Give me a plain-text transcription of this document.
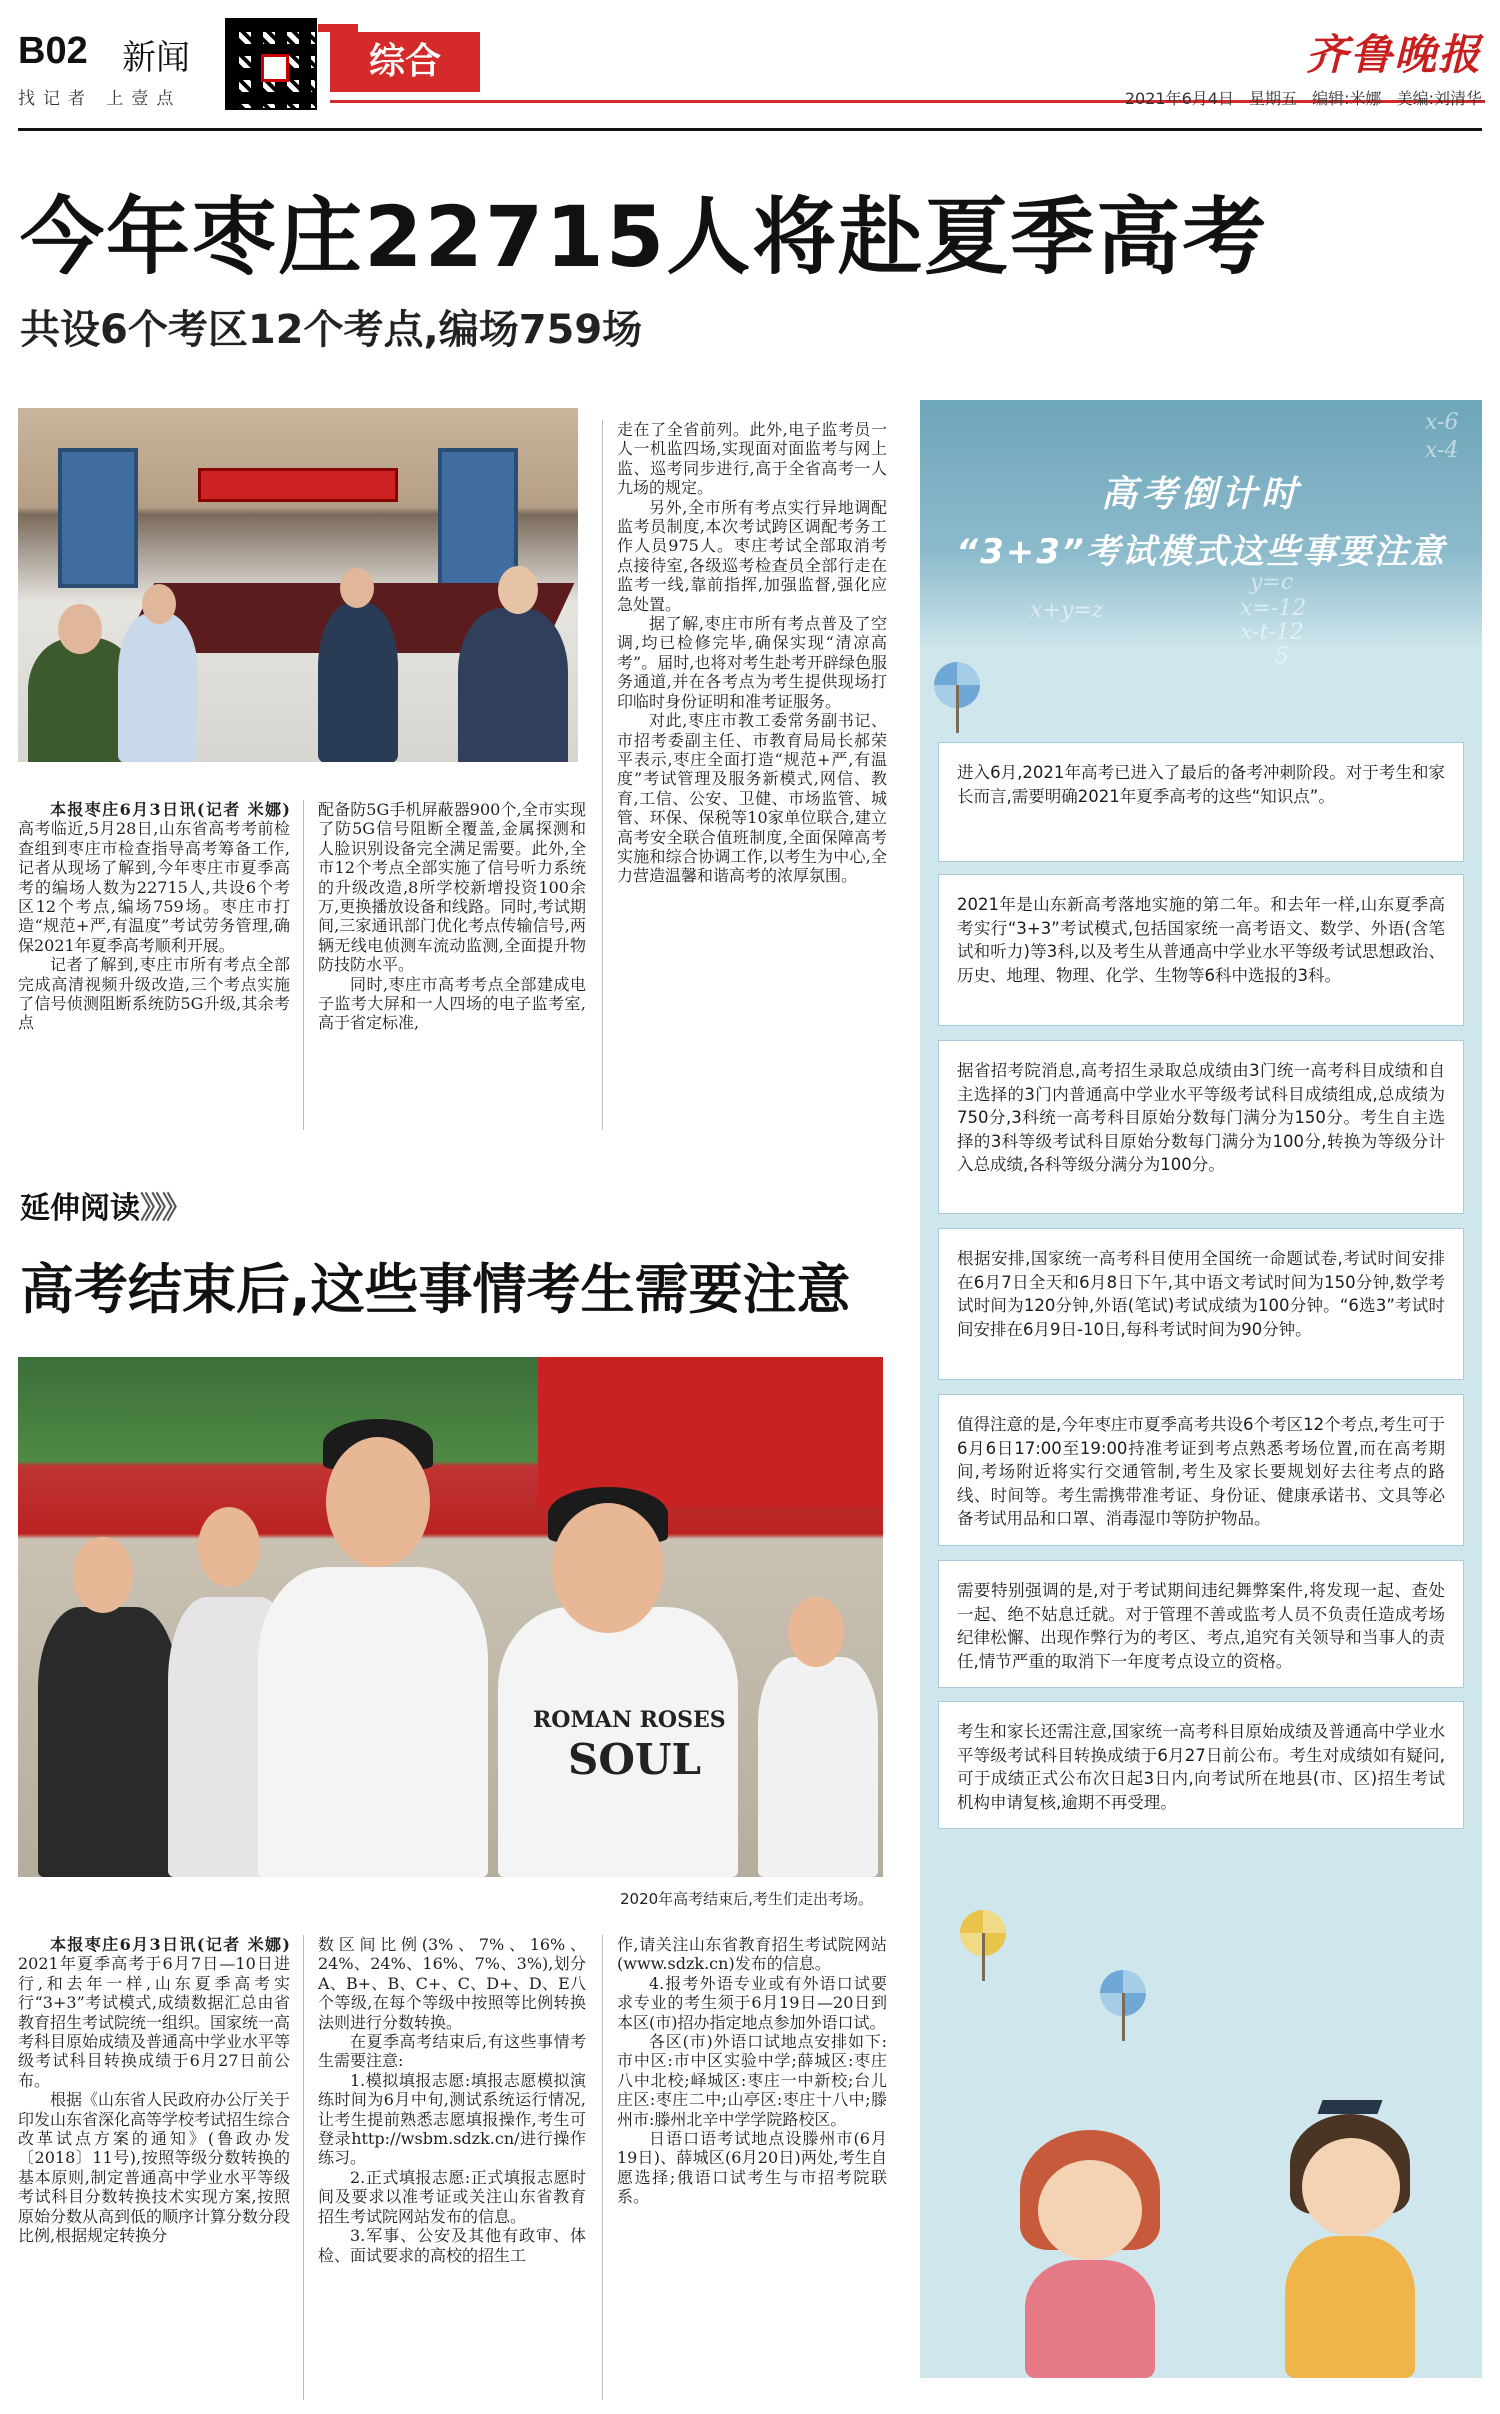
B02 新闻
找记者 上壹点
综合	齐鲁晚报
2021年6月4日 星期五 编辑:米娜 美编:刘清华
今年枣庄22715人将赴夏季高考
共设6个考区12个考点,编场759场

本报枣庄6月3日讯(记者 米娜) 高考临近,5月28日,山东省高考考前检查组到枣庄市检查指导高考筹备工作,记者从现场了解到,今年枣庄市夏季高考的编场人数为22715人,共设6个考区12个考点,编场759场。枣庄市打造“规范+严,有温度”考试劳务管理,确保2021年夏季高考顺利开展。

记者了解到,枣庄市所有考点全部完成高清视频升级改造,三个考点实施了信号侦测阻断系统防5G升级,其余考点

配备防5G手机屏蔽器900个,全市实现了防5G信号阻断全覆盖,金属探测和人脸识别设备完全满足需要。此外,全市12个考点全部实施了信号听力系统的升级改造,8所学校新增投资100余万,更换播放设备和线路。同时,考试期间,三家通讯部门优化考点传输信号,两辆无线电侦测车流动监测,全面提升物防技防水平。

同时,枣庄市高考考点全部建成电子监考大屏和一人四场的电子监考室,高于省定标准,

走在了全省前列。此外,电子监考员一人一机监四场,实现面对面监考与网上监、巡考同步进行,高于全省高考一人九场的规定。

另外,全市所有考点实行异地调配监考员制度,本次考试跨区调配考务工作人员975人。枣庄考试全部取消考点接待室,各级巡考检查员全部行走在监考一线,靠前指挥,加强监督,强化应急处置。

据了解,枣庄市所有考点普及了空调,均已检修完毕,确保实现“清凉高考”。届时,也将对考生赴考开辟绿色服务通道,并在各考点为考生提供现场打印临时身份证明和准考证服务。

对此,枣庄市教工委常务副书记、市招考委副主任、市教育局局长郝荣平表示,枣庄全面打造“规范+严,有温度”考试管理及服务新模式,网信、教育,工信、公安、卫健、市场监管、城管、环保、保税等10家单位联合,建立高考安全联合值班制度,全面保障高考实施和综合协调工作,以考生为中心,全力营造温馨和谐高考的浓厚氛围。

延伸阅读》》》
高考结束后,这些事情考生需要注意
ROMAN ROSES
SOUL
2020年高考结束后,考生们走出考场。

本报枣庄6月3日讯(记者 米娜) 2021年夏季高考于6月7日—10日进行,和去年一样,山东夏季高考实行“3+3”考试模式,成绩数据汇总由省教育招生考试院统一组织。国家统一高考科目原始成绩及普通高中学业水平等级考试科目转换成绩于6月27日前公布。

根据《山东省人民政府办公厅关于印发山东省深化高等学校考试招生综合改革试点方案的通知》(鲁政办发〔2018〕11号),按照等级分数转换的基本原则,制定普通高中学业水平等级考试科目分数转换技术实现方案,按照原始分数从高到低的顺序计算分数分段比例,根据规定转换分

数区间比例(3%、7%、16%、24%、24%、16%、7%、3%),划分A、B+、B、C+、C、D+、D、E八个等级,在每个等级中按照等比例转换法则进行分数转换。

在夏季高考结束后,有这些事情考生需要注意:

1.模拟填报志愿:填报志愿模拟演练时间为6月中旬,测试系统运行情况,让考生提前熟悉志愿填报操作,考生可登录http://wsbm.sdzk.cn/进行操作练习。

2.正式填报志愿:正式填报志愿时间及要求以准考证或关注山东省教育招生考试院网站发布的信息。

3.军事、公安及其他有政审、体检、面试要求的高校的招生工

作,请关注山东省教育招生考试院网站(www.sdzk.cn)发布的信息。

4.报考外语专业或有外语口试要求专业的考生须于6月19日—20日到本区(市)招办指定地点参加外语口试。

各区(市)外语口试地点安排如下:市中区:市中区实验中学;薛城区:枣庄八中北校;峄城区:枣庄一中新校;台儿庄区:枣庄二中;山亭区:枣庄十八中;滕州市:滕州北辛中学学院路校区。

日语口语考试地点设滕州市(6月19日)、薛城区(6月20日)两处,考生自愿选择;俄语口试考生与市招考院联系。

x-6
y=c
x=-12
x-t-12
5
x+y=z
x-4
高考倒计时
“3+3”考试模式这些事要注意
进入6月,2021年高考已进入了最后的备考冲刺阶段。对于考生和家长而言,需要明确2021年夏季高考的这些“知识点”。
2021年是山东新高考落地实施的第二年。和去年一样,山东夏季高考实行“3+3”考试模式,包括国家统一高考语文、数学、外语(含笔试和听力)等3科,以及考生从普通高中学业水平等级考试思想政治、历史、地理、物理、化学、生物等6科中选报的3科。
据省招考院消息,高考招生录取总成绩由3门统一高考科目成绩和自主选择的3门内普通高中学业水平等级考试科目成绩组成,总成绩为750分,3科统一高考科目原始分数每门满分为150分。考生自主选择的3科等级考试科目原始分数每门满分为100分,转换为等级分计入总成绩,各科等级分满分为100分。
根据安排,国家统一高考科目使用全国统一命题试卷,考试时间安排在6月7日全天和6月8日下午,其中语文考试时间为150分钟,数学考试时间为120分钟,外语(笔试)考试成绩为100分钟。“6选3”考试时间安排在6月9日-10日,每科考试时间为90分钟。
值得注意的是,今年枣庄市夏季高考共设6个考区12个考点,考生可于6月6日17:00至19:00持准考证到考点熟悉考场位置,而在高考期间,考场附近将实行交通管制,考生及家长要规划好去往考点的路线、时间等。考生需携带准考证、身份证、健康承诺书、文具等必备考试用品和口罩、消毒湿巾等防护物品。
需要特别强调的是,对于考试期间违纪舞弊案件,将发现一起、查处一起、绝不姑息迁就。对于管理不善或监考人员不负责任造成考场纪律松懈、出现作弊行为的考区、考点,追究有关领导和当事人的责任,情节严重的取消下一年度考点设立的资格。
考生和家长还需注意,国家统一高考科目原始成绩及普通高中学业水平等级考试科目转换成绩于6月27日前公布。考生对成绩如有疑问,可于成绩正式公布次日起3日内,向考试所在地县(市、区)招生考试机构申请复核,逾期不再受理。
